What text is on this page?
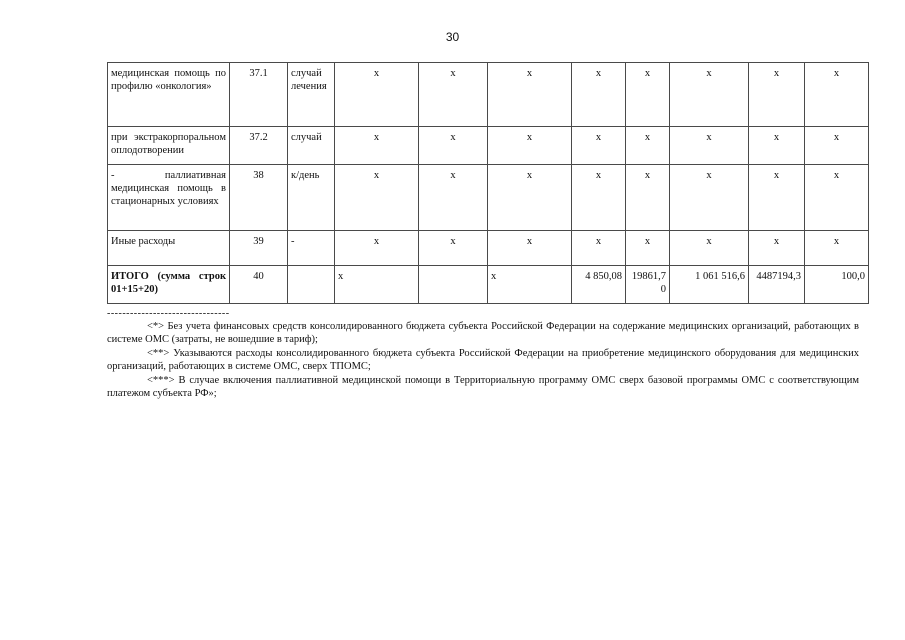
30
медицинская помощь по профилю «онкология»	37.1	случай лечения	х	х	х	х	х	х	х	х
при экстракорпоральном оплодотворении	37.2	случай	х	х	х	х	х	х	х	х
- паллиативная медицинская помощь в стационарных условиях	38	к/день	х	х	х	х	х	х	х	х
Иные расходы	39	-	х	х	х	х	х	х	х	х
ИТОГО (сумма строк 01+15+20)	40		х		х	4 850,08	19861,70	1 061 516,6	4487194,3	100,0
--------------------------------

<*> Без учета финансовых средств консолидированного бюджета субъекта Российской Федерации на содержание медицинских организаций, работающих в системе ОМС (затраты, не вошедшие в тариф);

<**> Указываются расходы консолидированного бюджета субъекта Российской Федерации на приобретение медицинского оборудования для медицинских организаций, работающих в системе ОМС, сверх ТПОМС;

<***> В случае включения паллиативной медицинской помощи в Территориальную программу ОМС сверх базовой программы ОМС с соответствующим платежом субъекта РФ»;
